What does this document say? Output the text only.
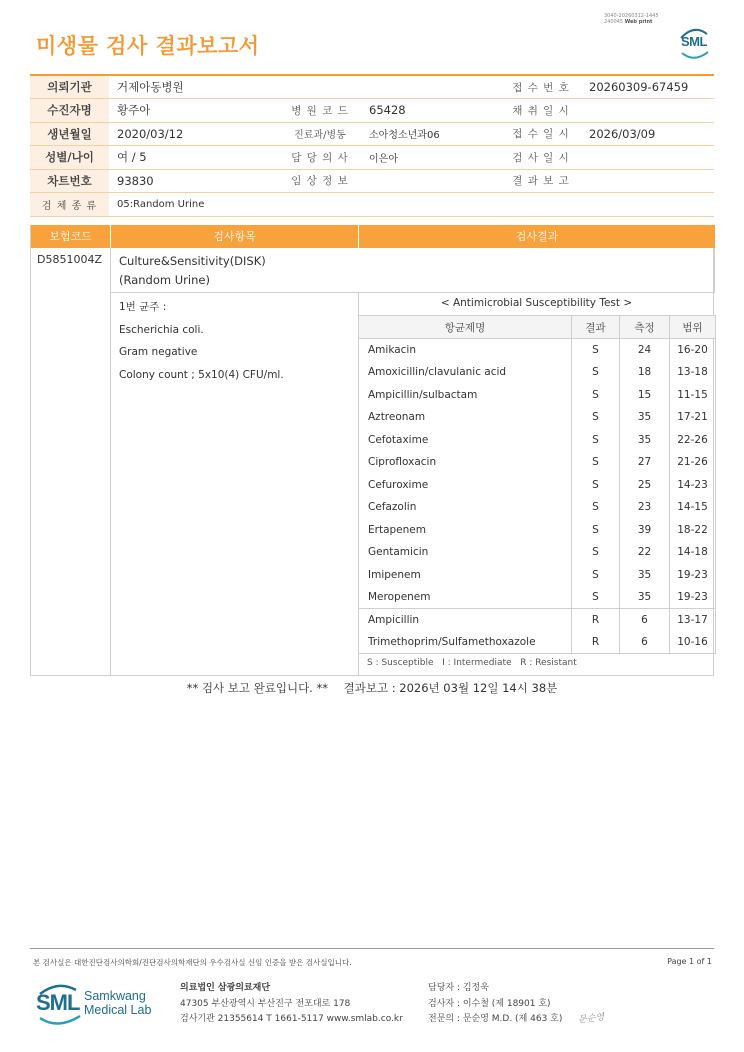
3040-20260312-1445
240045 Web print
미생물 검사 결과보고서	SML
의뢰기관	거제아동병원			접 수 번 호	20260309-67459
수진자명	황주아	병 원 코 드	65428	채 취 일 시	
생년월일	2020/03/12	진료과/병동	소아청소년과06	접 수 일 시	2026/03/09
성별/나이	여 / 5	담 당 의 사	이은아	검 사 일 시	
차트번호	93830	임 상 정 보		결 과 보 고	
검 체 종 류	05:Random Urine				
보험코드	검사항목	검사결과
D5851004Z Culture&Sensitivity(DISK)
(Random Urine)
1번 균주 :
Escherichia coli.
Gram negative
Colony count ; 5x10(4) CFU/ml.
< Antimicrobial Susceptibility Test >
항균제명	결과	측정	범위
Amikacin	S	24	16-20
Amoxicillin/clavulanic acid	S	18	13-18
Ampicillin/sulbactam	S	15	11-15
Aztreonam	S	35	17-21
Cefotaxime	S	35	22-26
Ciprofloxacin	S	27	21-26
Cefuroxime	S	25	14-23
Cefazolin	S	23	14-15
Ertapenem	S	39	18-22
Gentamicin	S	22	14-18
Imipenem	S	35	19-23
Meropenem	S	35	19-23
Ampicillin	R	6	13-17
Trimethoprim/Sulfamethoxazole	R	6	10-16
S : Susceptible   I : Intermediate   R : Resistant
** 검사 보고 완료입니다. ** 결과보고 : 2026년 03월 12일 14시 38분
본 검사실은 대한진단검사의학회/진단검사의학재단의 우수검사실 신임 인증을 받은 검사실입니다.	Page 1 of 1
SML Samkwang
Medical Lab
의료법인 삼광의료재단
47305 부산광역시 부산진구 전포대로 178
검사기관 21355614 T 1661-5117 www.smlab.co.kr
담당자 : 김정욱
검사자 : 이수철 (제 18901 호)
전문의 : 문순영 M.D. (제 463 호) 문순영
